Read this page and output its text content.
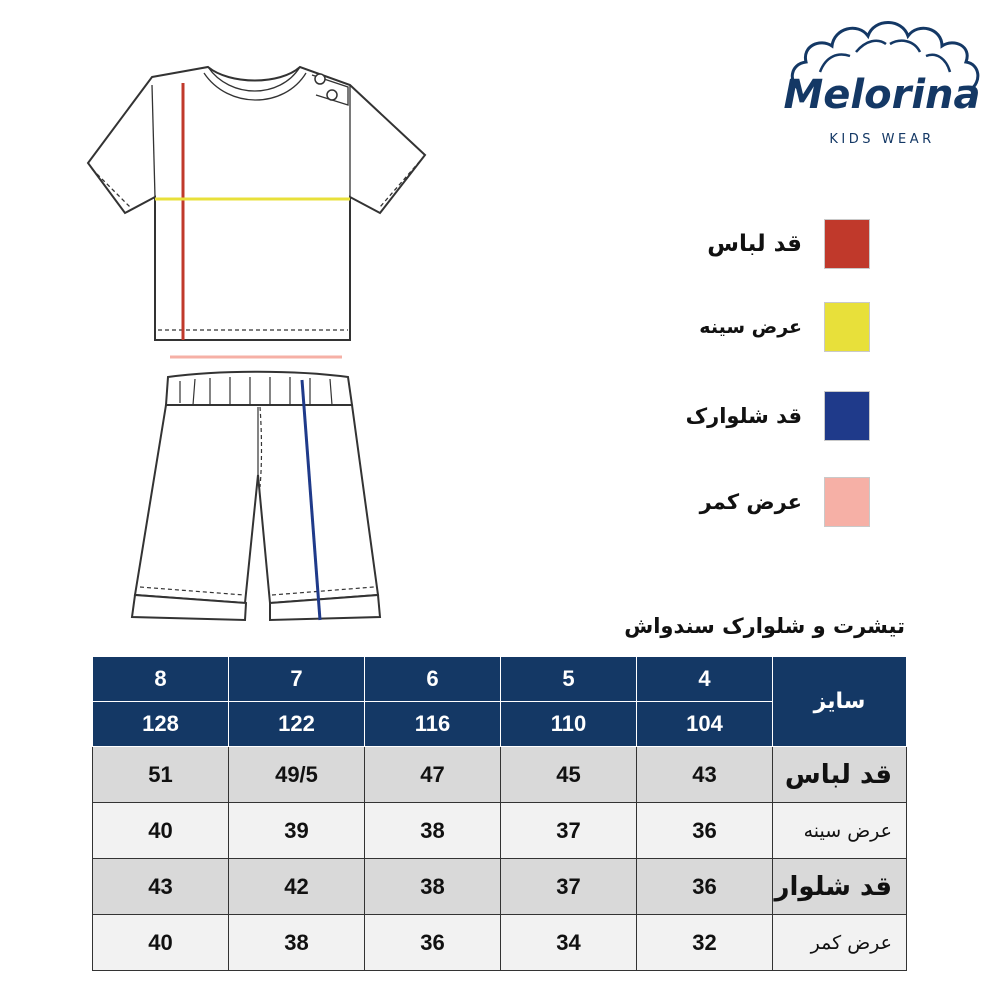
Melorina
KIDS WEAR
قد لباس
عرض سینه
قد شلوارک
عرض کمر
تیشرت و شلوارک سندواش
8	7	6	5	4	سایز
128	122	116	110	104	
51	49/5	47	45	43	قد لباس
40	39	38	37	36	عرض سینه
43	42	38	37	36	قد شلوار
40	38	36	34	32	عرض کمر
